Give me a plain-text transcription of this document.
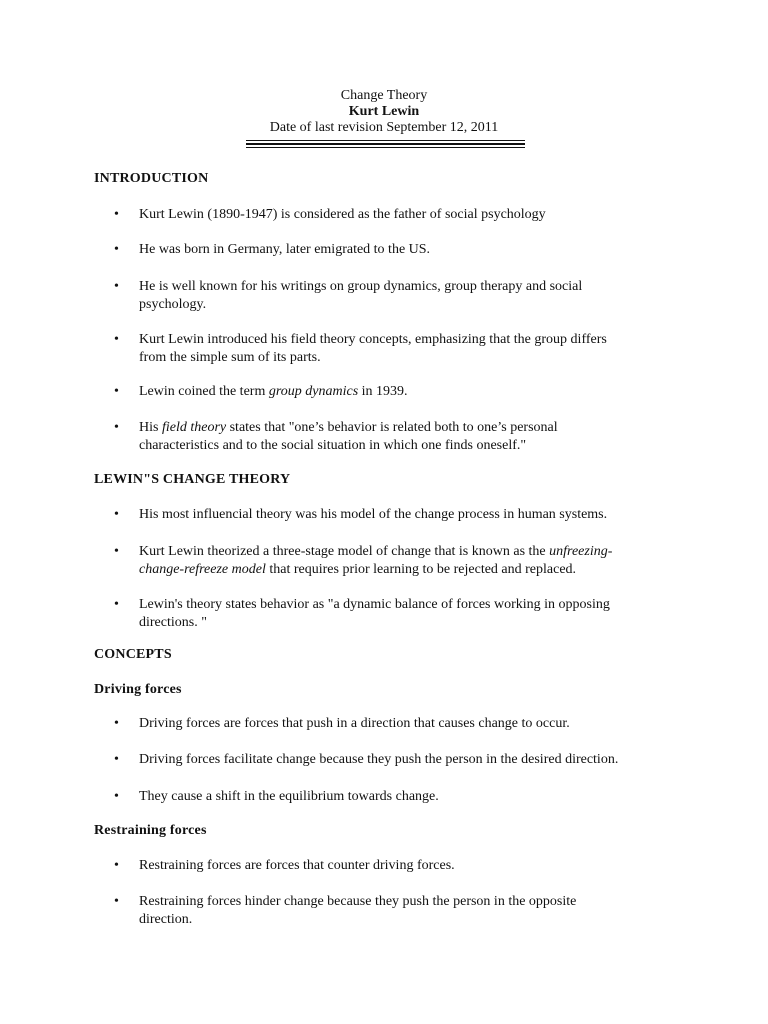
Change Theory
Kurt Lewin
Date of last revision September 12, 2011
INTRODUCTION
• Kurt Lewin (1890-1947) is considered as the father of social psychology
• He was born in Germany, later emigrated to the US.
• He is well known for his writings on group dynamics, group therapy and social
psychology.
• Kurt Lewin introduced his field theory concepts, emphasizing that the group differs
from the simple sum of its parts.
• Lewin coined the term group dynamics in 1939.
• His field theory states that "one’s behavior is related both to one’s personal
characteristics and to the social situation in which one finds oneself."
LEWIN"S CHANGE THEORY
• His most influencial theory was his model of the change process in human systems.
• Kurt Lewin theorized a three-stage model of change that is known as the unfreezing-
change-refreeze model that requires prior learning to be rejected and replaced.
• Lewin's theory states behavior as "a dynamic balance of forces working in opposing
directions. "
CONCEPTS
Driving forces
• Driving forces are forces that push in a direction that causes change to occur.
• Driving forces facilitate change because they push the person in the desired direction.
• They cause a shift in the equilibrium towards change.
Restraining forces
• Restraining forces are forces that counter driving forces.
• Restraining forces hinder change because they push the person in the opposite
direction.
